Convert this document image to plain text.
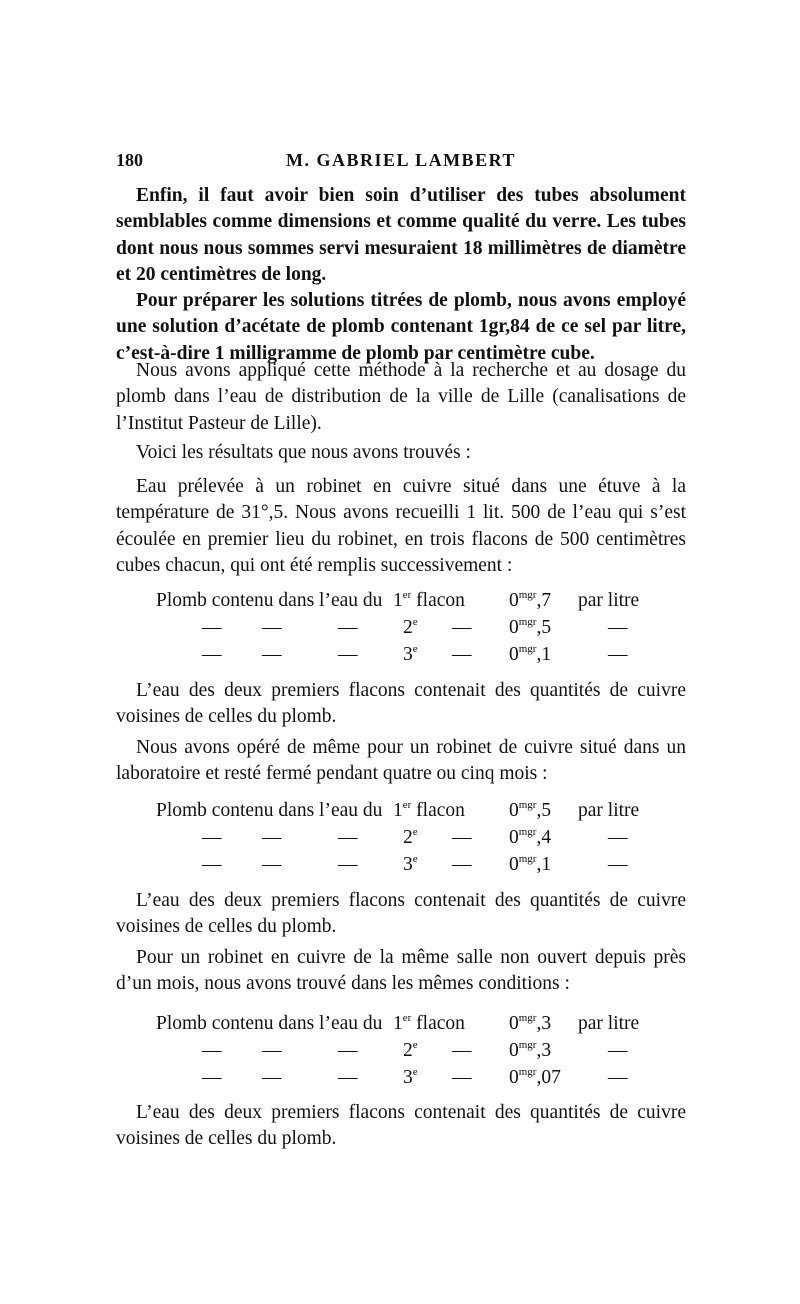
180	M. GABRIEL LAMBERT
Enfin, il faut avoir bien soin d’utiliser des tubes absolument semblables comme dimensions et comme qualité du verre. Les tubes dont nous nous sommes servi mesuraient 18 millimètres de diamètre et 20 centimètres de long.
Pour préparer les solutions titrées de plomb, nous avons employé une solution d’acétate de plomb contenant 1gr,84 de ce sel par litre, c’est-à-dire 1 milligramme de plomb par centimètre cube.
Nous avons appliqué cette méthode à la recherche et au dosage du plomb dans l’eau de distribution de la ville de Lille (canalisations de l’Institut Pasteur de Lille).
Voici les résultats que nous avons trouvés :
Eau prélevée à un robinet en cuivre situé dans une étuve à la température de 31°,5. Nous avons recueilli 1 lit. 500 de l’eau qui s’est écoulée en premier lieu du robinet, en trois flacons de 500 centimètres cubes chacun, qui ont été remplis successivement :
Plomb contenu dans l’eau du 1er flacon $0^{mgr},7$ par litre
— —	— 2e — $0^{mgr},5$	—
— —	— 3e — $0^{mgr},1$	—
L’eau des deux premiers flacons contenait des quantités de cuivre voisines de celles du plomb.
Nous avons opéré de même pour un robinet de cuivre situé dans un laboratoire et resté fermé pendant quatre ou cinq mois :
Plomb contenu dans l’eau du 1er flacon $0^{mgr},5$ par litre
— —	— 2e — $0^{mgr},4$	—
— —	— 3e — $0^{mgr},1$	—
L’eau des deux premiers flacons contenait des quantités de cuivre voisines de celles du plomb.
Pour un robinet en cuivre de la même salle non ouvert depuis près d’un mois, nous avons trouvé dans les mêmes conditions :
Plomb contenu dans l’eau du 1er flacon $0^{mgr},3$ par litre
— —	— 2e — $0^{mgr},3$	—
— —	— 3e — $0^{mgr},07$ —
L’eau des deux premiers flacons contenait des quantités de cuivre voisines de celles du plomb.
